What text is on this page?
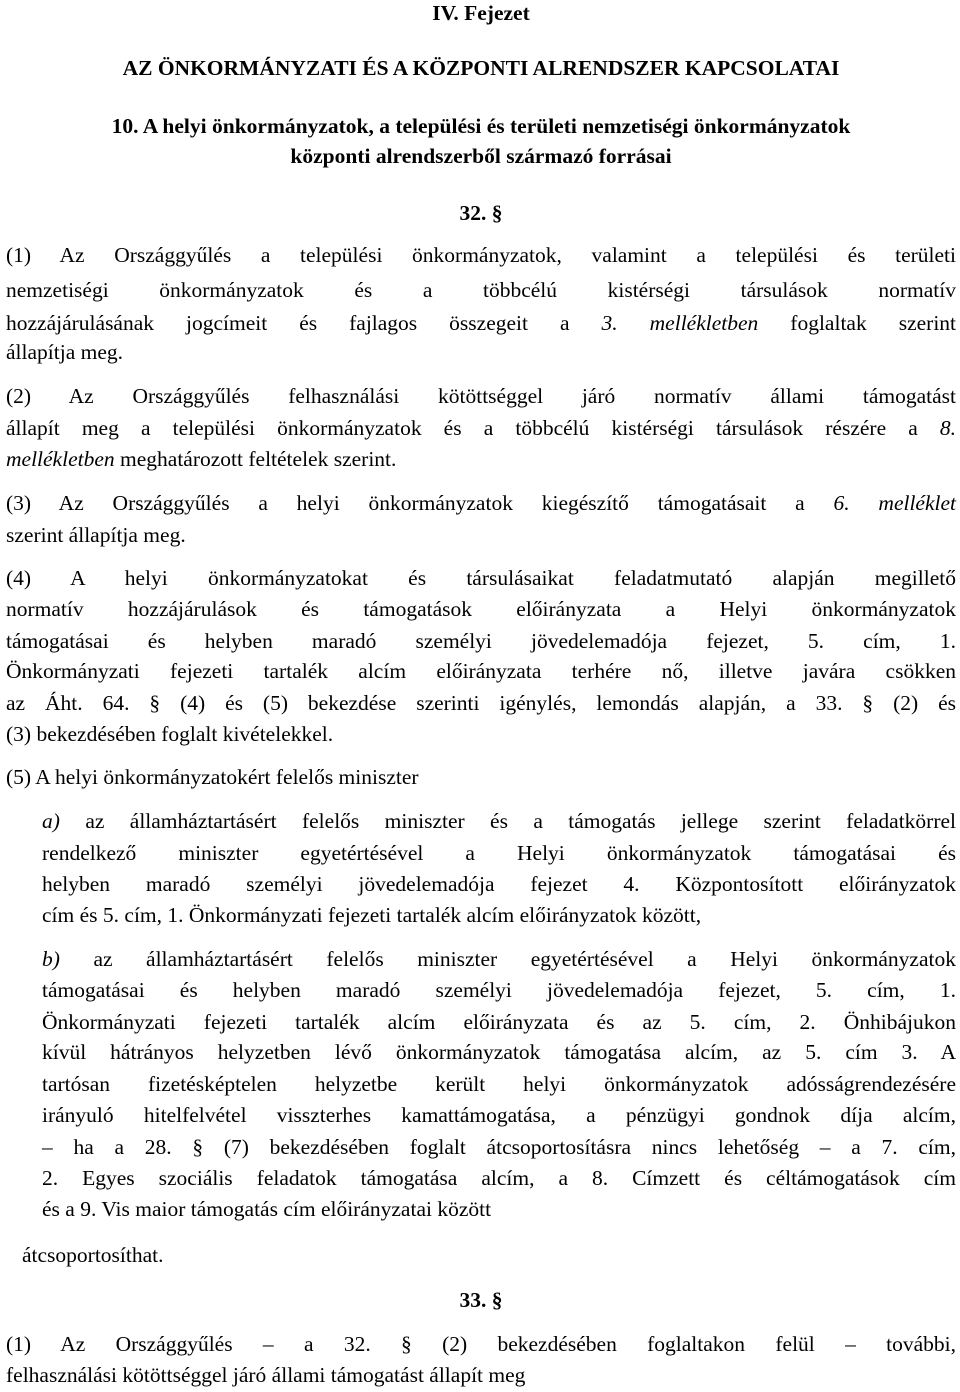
IV. Fejezet
AZ ÖNKORMÁNYZATI ÉS A KÖZPONTI ALRENDSZER KAPCSOLATAI
10. A helyi önkormányzatok, a települési és területi nemzetiségi önkormányzatok
központi alrendszerből származó forrásai
32. §
(1) Az Országgyűlés a települési önkormányzatok, valamint a települési és területi
nemzetiségi önkormányzatok és a többcélú kistérségi társulások normatív
hozzájárulásának jogcímeit és fajlagos összegeit a 3. mellékletben foglaltak szerint
állapítja meg.
(2) Az Országgyűlés felhasználási kötöttséggel járó normatív állami támogatást
állapít meg a települési önkormányzatok és a többcélú kistérségi társulások részére a 8.
mellékletben meghatározott feltételek szerint.
(3) Az Országgyűlés a helyi önkormányzatok kiegészítő támogatásait a 6. melléklet
szerint állapítja meg.
(4) A helyi önkormányzatokat és társulásaikat feladatmutató alapján megillető
normatív hozzájárulások és támogatások előirányzata a Helyi önkormányzatok
támogatásai és helyben maradó személyi jövedelemadója fejezet, 5. cím, 1.
Önkormányzati fejezeti tartalék alcím előirányzata terhére nő, illetve javára csökken
az Áht. 64. § (4) és (5) bekezdése szerinti igénylés, lemondás alapján, a 33. § (2) és
(3) bekezdésében foglalt kivételekkel.
(5) A helyi önkormányzatokért felelős miniszter
a) az államháztartásért felelős miniszter és a támogatás jellege szerint feladatkörrel
rendelkező miniszter egyetértésével a Helyi önkormányzatok támogatásai és
helyben maradó személyi jövedelemadója fejezet 4. Központosított előirányzatok
cím és 5. cím, 1. Önkormányzati fejezeti tartalék alcím előirányzatok között,
b) az államháztartásért felelős miniszter egyetértésével a Helyi önkormányzatok
támogatásai és helyben maradó személyi jövedelemadója fejezet, 5. cím, 1.
Önkormányzati fejezeti tartalék alcím előirányzata és az 5. cím, 2. Önhibájukon
kívül hátrányos helyzetben lévő önkormányzatok támogatása alcím, az 5. cím 3. A
tartósan fizetésképtelen helyzetbe került helyi önkormányzatok adósságrendezésére
irányuló hitelfelvétel visszterhes kamattámogatása, a pénzügyi gondnok díja alcím,
– ha a 28. § (7) bekezdésében foglalt átcsoportosításra nincs lehetőség – a 7. cím,
2. Egyes szociális feladatok támogatása alcím, a 8. Címzett és céltámogatások cím
és a 9. Vis maior támogatás cím előirányzatai között
átcsoportosíthat.
33. §
(1) Az Országgyűlés – a 32. § (2) bekezdésében foglaltakon felül – további,
felhasználási kötöttséggel járó állami támogatást állapít meg
